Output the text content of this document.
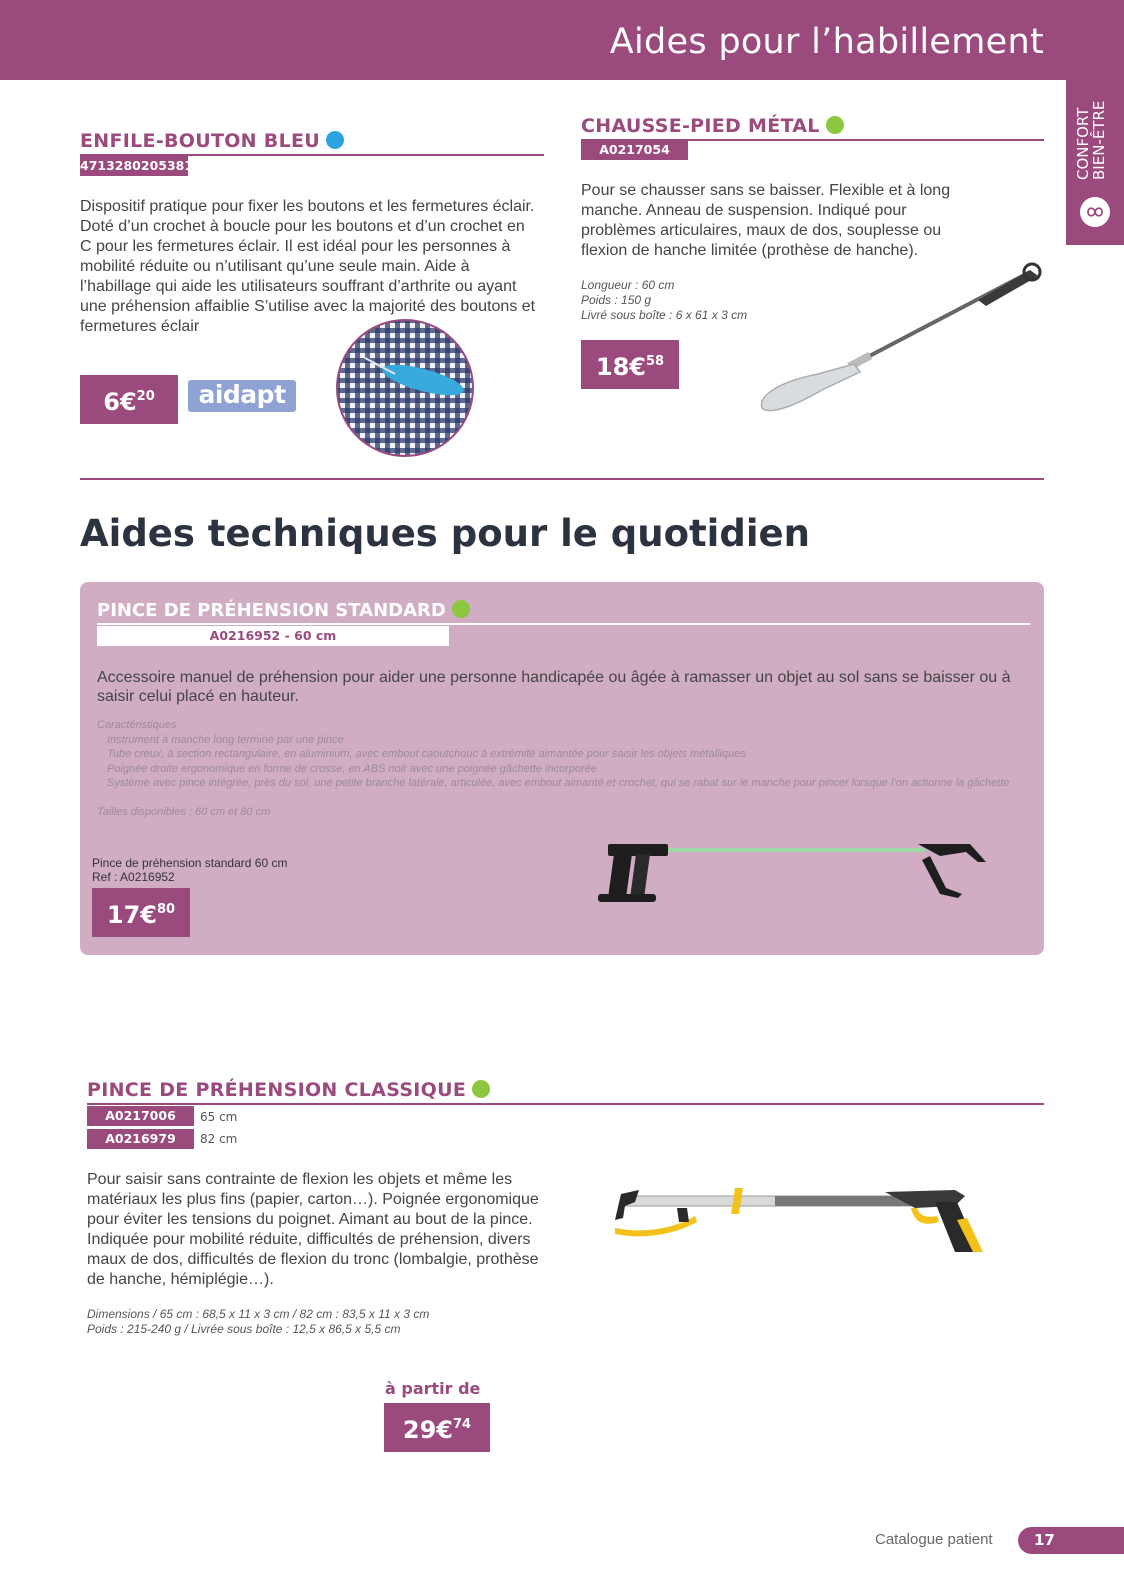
Aides pour l’habillement
CONFORT
BIEN-ÊTRE
ENFILE-BOUTON BLEU
4713280205381
Dispositif pratique pour fixer les boutons et les fermetures éclair. Doté d’un crochet à boucle pour les boutons et d’un crochet en C pour les fermetures éclair. Il est idéal pour les personnes à mobilité réduite ou n’utilisant qu’une seule main. Aide à l’habillage qui aide les utilisateurs souffrant d’arthrite ou ayant une préhension affaiblie S’utilise avec la majorité des boutons et fermetures éclair
6€$^{20}$	aidapt
CHAUSSE-PIED MÉTAL
A0217054
Pour se chausser sans se baisser. Flexible et à long manche. Anneau de suspension. Indiqué pour problèmes articulaires, maux de dos, souplesse ou flexion de hanche limitée (prothèse de hanche).
Longueur : 60 cm
Poids : 150 g
Livré sous boîte : 6 x 61 x 3 cm
18€$^{58}$
Aides techniques pour le quotidien
PINCE DE PRÉHENSION STANDARD
A0216952 - 60 cm
Accessoire manuel de préhension pour aider une personne handicapée ou âgée à ramasser un objet au sol sans se baisser ou à saisir celui placé en hauteur.
Caractéristiques
Instrument à manche long terminé par une pince
Tube creux, à section rectangulaire, en aluminium, avec embout caoutchouc à extrémité aimantée pour saisir les objets métalliques
Poignée droite ergonomique en forme de crosse, en ABS noir avec une poignée gâchette incorporée
Système avec pince intégrée, près du sol, une petite branche latérale, articulée, avec embout aimanté et crochet, qui se rabat sur le manche pour pincer lorsque l’on actionne la gâchette
Tailles disponibles : 60 cm et 80 cm
Pince de préhension standard 60 cm
Ref : A0216952
17€$^{80}$
PINCE DE PRÉHENSION CLASSIQUE
A0217006	65 cm
A0216979	82 cm
Pour saisir sans contrainte de flexion les objets et même les matériaux les plus fins (papier, carton…). Poignée ergonomique pour éviter les tensions du poignet. Aimant au bout de la pince. Indiquée pour mobilité réduite, difficultés de préhension, divers maux de dos, difficultés de flexion du tronc (lombalgie, prothèse de hanche, hémiplégie…).
Dimensions / 65 cm : 68,5 x 11 x 3 cm / 82 cm : 83,5 x 11 x 3 cm
Poids : 215-240 g / Livrée sous boîte : 12,5 x 86,5 x 5,5 cm
à partir de
29€$^{74}$
Catalogue patient	17
